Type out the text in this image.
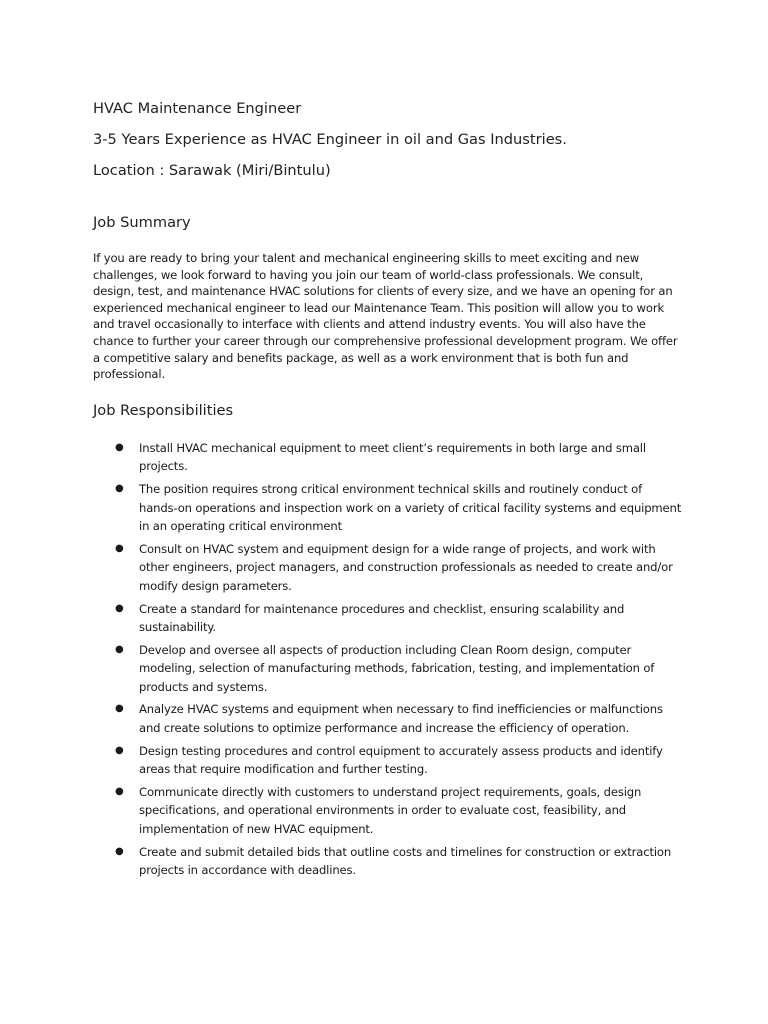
HVAC Maintenance Engineer

3-5 Years Experience as HVAC Engineer in oil and Gas Industries.

Location : Sarawak (Miri/Bintulu)

Job Summary

If you are ready to bring your talent and mechanical engineering skills to meet exciting and new challenges, we look forward to having you join our team of world-class professionals. We consult, design, test, and maintenance HVAC solutions for clients of every size, and we have an opening for an experienced mechanical engineer to lead our Maintenance Team. This position will allow you to work and travel occasionally to interface with clients and attend industry events. You will also have the chance to further your career through our comprehensive professional development program. We offer a competitive salary and benefits package, as well as a work environment that is both fun and professional.

Job Responsibilities
● Install HVAC mechanical equipment to meet client’s requirements in both large and small projects.
● The position requires strong critical environment technical skills and routinely conduct of hands-on operations and inspection work on a variety of critical facility systems and equipment in an operating critical environment
● Consult on HVAC system and equipment design for a wide range of projects, and work with other engineers, project managers, and construction professionals as needed to create and/or modify design parameters.
● Create a standard for maintenance procedures and checklist, ensuring scalability and sustainability.
● Develop and oversee all aspects of production including Clean Room design, computer modeling, selection of manufacturing methods, fabrication, testing, and implementation of products and systems.
● Analyze HVAC systems and equipment when necessary to find inefficiencies or malfunctions and create solutions to optimize performance and increase the efficiency of operation.
● Design testing procedures and control equipment to accurately assess products and identify areas that require modification and further testing.
● Communicate directly with customers to understand project requirements, goals, design specifications, and operational environments in order to evaluate cost, feasibility, and implementation of new HVAC equipment.
● Create and submit detailed bids that outline costs and timelines for construction or extraction projects in accordance with deadlines.
